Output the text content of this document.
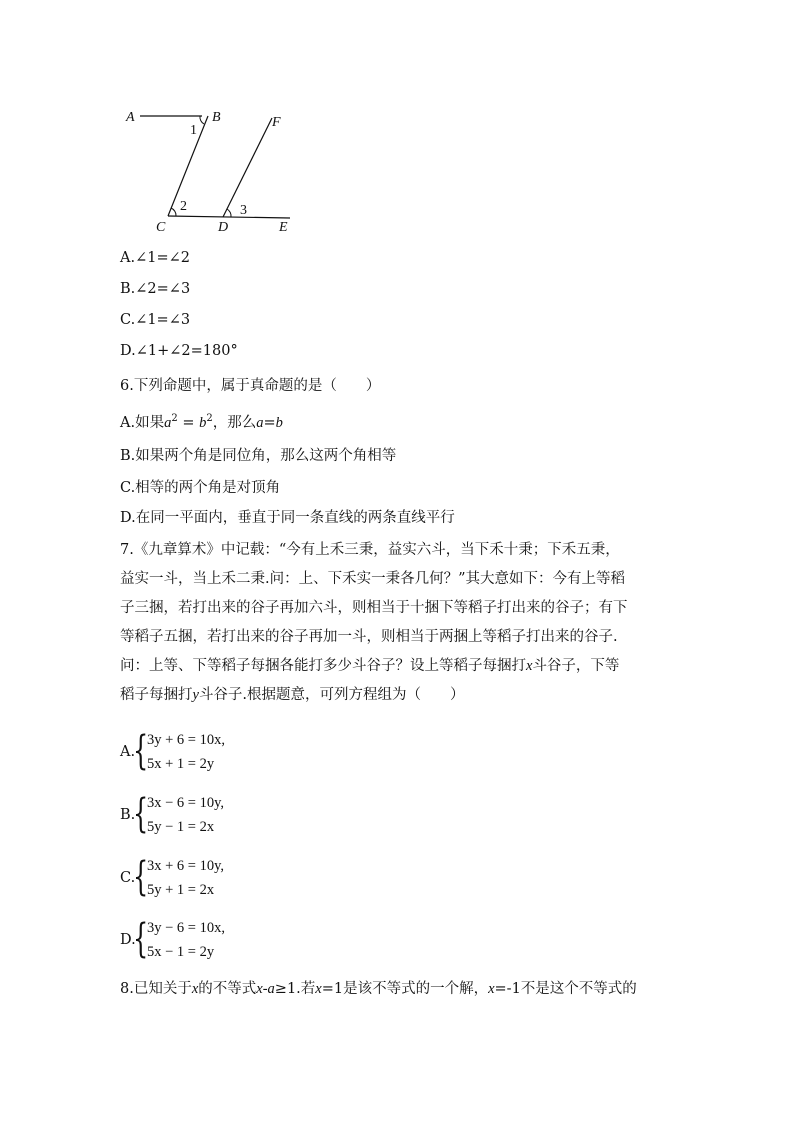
A	B
C	D	E
F
1
2	3
A.∠1=∠2
B.∠2=∠3
C.∠1=∠3
D.∠1+∠2=180°
6.下列命题中，属于真命题的是（　　）
A.如果$a^2 = b^2$，那么a=b
B.如果两个角是同位角，那么这两个角相等
C.相等的两个角是对顶角
D.在同一平面内，垂直于同一条直线的两条直线平行
7.《九章算术》中记载：“今有上禾三秉，益实六斗，当下禾十秉；下禾五秉，
益实一斗，当上禾二秉.问：上、下禾实一秉各几何？”其大意如下：今有上等稻
子三捆，若打出来的谷子再加六斗，则相当于十捆下等稻子打出来的谷子；有下
等稻子五捆，若打出来的谷子再加一斗，则相当于两捆上等稻子打出来的谷子.
问：上等、下等稻子每捆各能打多少斗谷子？设上等稻子每捆打x斗谷子，下等
稻子每捆打y斗谷子.根据题意，可列方程组为（　　）
A.
{
3y + 6 = 10x,
5x + 1 = 2y
B.
{
3x − 6 = 10y,
5y − 1 = 2x
C.
{
3x + 6 = 10y,
5y + 1 = 2x
D.
{
3y − 6 = 10x,
5x − 1 = 2y
8.已知关于x的不等式x-a≥1.若x=1是该不等式的一个解，x=-1不是这个不等式的
